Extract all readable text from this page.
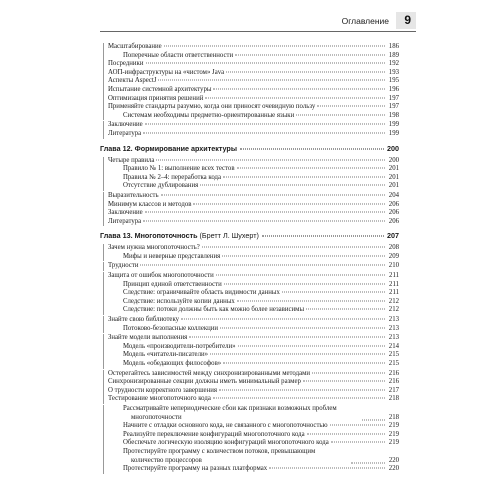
Оглавление 9
Масштабирование	186
Поперечные области ответственности	189
Посредники	192
АОП-инфраструктуры на «чистом» Java	193
Аспекты AspectJ	195
Испытание системной архитектуры	196
Оптимизация принятия решений	197
Применяйте стандарты разумно, когда они приносят очевидную пользу	197
Системам необходимы предметно-ориентированные языки	198
Заключение	199
Литература	199
Глава 12. Формирование архитектуры	200
Четыре правила	200
Правило № 1: выполнение всех тестов	201
Правила № 2–4: переработка кода	201
Отсутствие дублирования	201
Выразительность	204
Минимум классов и методов	206
Заключение	206
Литература	206
Глава 13. Многопоточность (Бретт Л. Шухерт)	207
Зачем нужна многопоточность?	208
Мифы и неверные представления	209
Трудности	210
Защита от ошибок многопоточности	211
Принцип единой ответственности	211
Следствие: ограничивайте область видимости данных	211
Следствие: используйте копии данных	212
Следствие: потоки должны быть как можно более независимы	212
Знайте свою библиотеку	213
Потоково-безопасные коллекции	213
Знайте модели выполнения	213
Модель «производители-потребители»	214
Модель «читатели-писатели»	215
Модель «обедающих философов»	215
Остерегайтесь зависимостей между синхронизированными методами	216
Синхронизированные секции должны иметь минимальный размер	216
О трудности корректного завершения	217
Тестирование многопоточного кода	218
Рассматривайте непериодические сбои как признаки возможных проблем
многопоточности	218
Начните с отладки основного кода, не связанного с многопоточностью	219
Реализуйте переключение конфигураций многопоточного кода	219
Обеспечьте логическую изоляцию конфигураций многопоточного кода	219
Протестируйте программу с количеством потоков, превышающим
количество процессоров	220
Протестируйте программу на разных платформах	220
